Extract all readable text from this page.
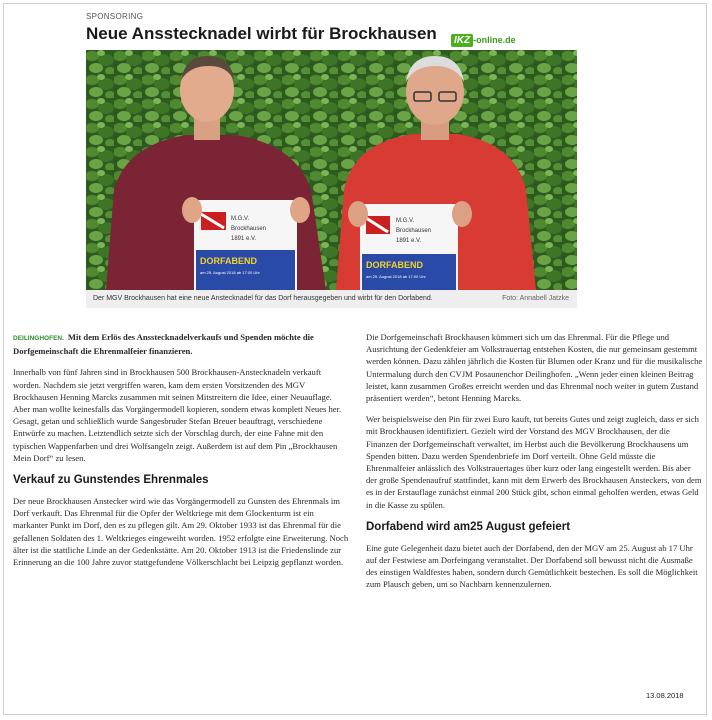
SPONSORING
Neue Ansstecknadel wirbt für Brockhausen	IKZ -online.de
M.G.V.
Brockhausen
1891 e.V.
DORFABEND
am 25. August 2018 ab 17:00 Uhr
M.G.V.
Brockhausen
1891 e.V.
DORFABEND
am 25. August 2018 ab 17:00 Uhr
Der MGV Brockhausen hat eine neue Anstecknadel für das Dorf herausgegeben und wirbt für den Dorfabend.	Foto: Annabell Jatzke

DEILINGHOFEN. Mit dem Erlös des Ansstecknadelverkaufs und Spenden möchte die Dorfgemeinschaft die Ehrenmalfeier finanzieren.

Innerhalb von fünf Jahren sind in Brockhausen 500 Brockhausen-Anstecknadeln verkauft worden. Nachdem sie jetzt vergriffen waren, kam dem ersten Vorsitzenden des MGV Brockhausen Henning Marcks zusammen mit seinen Mitstreitern die Idee, einer Neuauflage. Aber man wollte keinesfalls das Vorgängermodell kopieren, sondern etwas komplett Neues her. Gesagt, getan und schließlich wurde Sangesbruder Stefan Breuer beauftragt, verschiedene Entwürfe zu machen. Letztendlich setzte sich der Vorschlag durch, der eine Fahne mit den typischen Wappenfarben und drei Wolfsangeln zeigt. Außerdem ist auf dem Pin „Brockhausen Mein Dorf“ zu lesen.

Verkauf zu Gunstendes Ehrenmales

Der neue Brockhausen Anstecker wird wie das Vorgängermodell zu Gunsten des Ehrenmals im Dorf verkauft. Das Ehrenmal für die Opfer der Weltkriege mit dem Glockenturm ist ein markanter Punkt im Dorf, den es zu pflegen gilt. Am 29. Oktober 1933 ist das Ehrenmal für die gefallenen Soldaten des 1. Weltkrieges eingeweiht worden. 1952 erfolgte eine Erweiterung. Noch älter ist die stattliche Linde an der Gedenkstätte. Am 20. Oktober 1913 ist die Friedenslinde zur Erinnerung an die 100 Jahre zuvor stattgefundene Völkerschlacht bei Leipzig gepflanzt worden.

Die Dorfgemeinschaft Brockhausen kümmert sich um das Ehrenmal. Für die Pflege und Ausrichtung der Gedenkfeier am Volkstrauertag entstehen Kosten, die nur gemeinsam gestemmt werden können. Dazu zählen jährlich die Kosten für Blumen oder Kranz und für die musikalische Untermalung durch den CVJM Posaunenchor Deilinghofen. „Wenn jeder einen kleinen Beitrag leistet, kann zusammen Großes erreicht werden und das Ehrenmal noch weiter in gutem Zustand präsentiert werden“, betont Henning Marcks.

Wer beispielsweise den Pin für zwei Euro kauft, tut bereits Gutes und zeigt zugleich, dass er sich mit Brockhausen identifiziert. Gezielt wird der Vorstand des MGV Brockhausen, der die Finanzen der Dorfgemeinschaft verwaltet, im Herbst auch die Bevölkerung Brockhausens um Spenden bitten. Dazu werden Spendenbriefe im Dorf verteilt. Ohne Geld müsste die Ehrenmalfeier anlässlich des Volkstrauertages über kurz oder lang eingestellt werden. Bis aber der große Spendenaufruf stattfindet, kann mit dem Erwerb des Brockhausen Ansteckers, von dem es in der Erstauflage zunächst einmal 200 Stück gibt, schon einmal geholfen werden, etwas Geld in die Kasse zu spülen.

Dorfabend wird am25 August gefeiert

Eine gute Gelegenheit dazu bietet auch der Dorfabend, den der MGV am 25. August ab 17 Uhr auf der Festwiese am Dorfeingang veranstaltet. Der Dorfabend soll bewusst nicht die Ausmaße des einstigen Waldfestes haben, sondern durch Gemütlichkeit bestechen. Es soll die Möglichkeit zum Plausch geben, um so Nachbarn kennenzulernen.

13.08.2018
